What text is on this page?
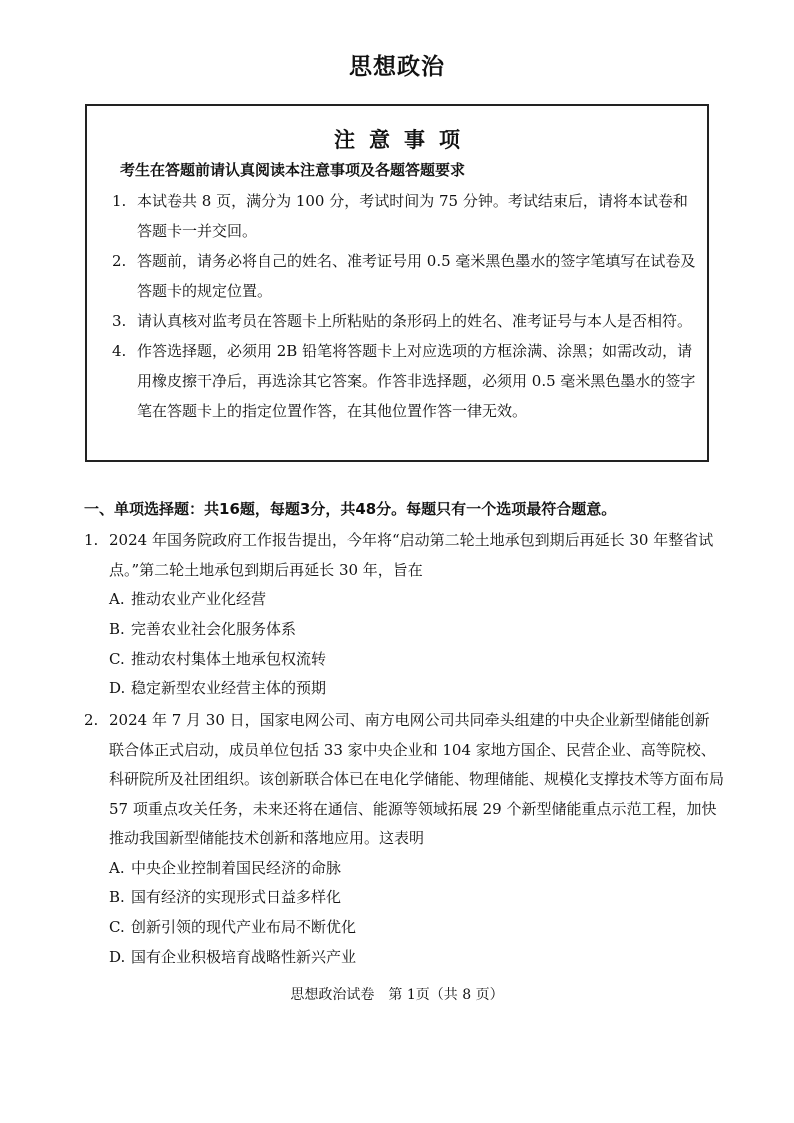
思想政治
注意事项
考生在答题前请认真阅读本注意事项及各题答题要求
1. 本试卷共 8 页，满分为 100 分，考试时间为 75 分钟。考试结束后，请将本试卷和答题卡一并交回。
2. 答题前，请务必将自己的姓名、准考证号用 0.5 毫米黑色墨水的签字笔填写在试卷及答题卡的规定位置。
3. 请认真核对监考员在答题卡上所粘贴的条形码上的姓名、准考证号与本人是否相符。
4. 作答选择题，必须用 2B 铅笔将答题卡上对应选项的方框涂满、涂黑；如需改动，请用橡皮擦干净后，再选涂其它答案。作答非选择题，必须用 0.5 毫米黑色墨水的签字笔在答题卡上的指定位置作答，在其他位置作答一律无效。
一、单项选择题：共16题，每题3分，共48分。每题只有一个选项最符合题意。
1. 2024 年国务院政府工作报告提出，今年将“启动第二轮土地承包到期后再延长 30 年整省试点。”第二轮土地承包到期后再延长 30 年，旨在
A. 推动农业产业化经营
B. 完善农业社会化服务体系
C. 推动农村集体土地承包权流转
D. 稳定新型农业经营主体的预期
2. 2024 年 7 月 30 日，国家电网公司、南方电网公司共同牵头组建的中央企业新型储能创新联合体正式启动，成员单位包括 33 家中央企业和 104 家地方国企、民营企业、高等院校、科研院所及社团组织。该创新联合体已在电化学储能、物理储能、规模化支撑技术等方面布局 57 项重点攻关任务，未来还将在通信、能源等领域拓展 29 个新型储能重点示范工程，加快推动我国新型储能技术创新和落地应用。这表明
A. 中央企业控制着国民经济的命脉
B. 国有经济的实现形式日益多样化
C. 创新引领的现代产业布局不断优化
D. 国有企业积极培育战略性新兴产业
思想政治试卷　第 1页（共 8 页）
